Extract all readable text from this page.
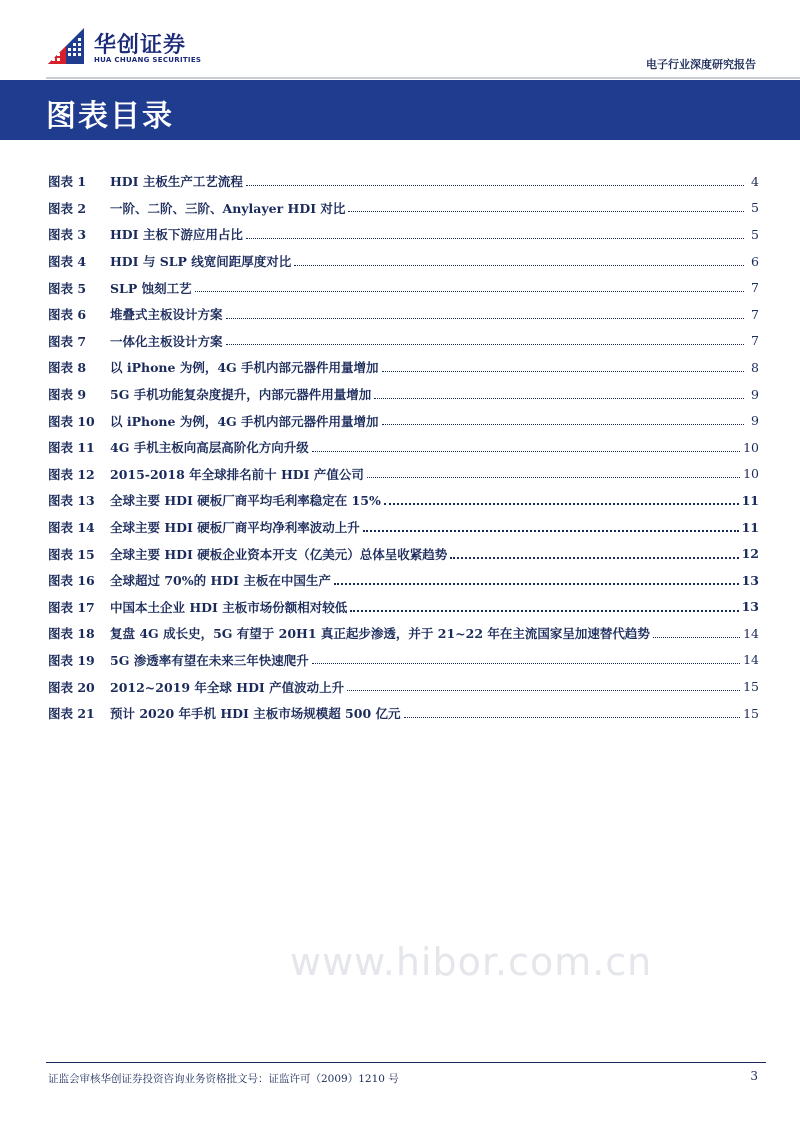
华创证券
HUA CHUANG SECURITIES	电子行业深度研究报告
图表目录
图表 1	HDI 主板生产工艺流程	4
图表 2	一阶、二阶、三阶、Anylayer HDI 对比	5
图表 3	HDI 主板下游应用占比	5
图表 4	HDI 与 SLP 线宽间距厚度对比	6
图表 5	SLP 蚀刻工艺	7
图表 6	堆叠式主板设计方案	7
图表 7	一体化主板设计方案	7
图表 8	以 iPhone 为例，4G 手机内部元器件用量增加	8
图表 9	5G 手机功能复杂度提升，内部元器件用量增加	9
图表 10	以 iPhone 为例，4G 手机内部元器件用量增加	9
图表 11	4G 手机主板向高层高阶化方向升级	10
图表 12	2015-2018 年全球排名前十 HDI 产值公司	10
图表 13	全球主要 HDI 硬板厂商平均毛利率稳定在 15%	11
图表 14	全球主要 HDI 硬板厂商平均净利率波动上升	11
图表 15	全球主要 HDI 硬板企业资本开支（亿美元）总体呈收紧趋势	12
图表 16	全球超过 70%的 HDI 主板在中国生产	13
图表 17	中国本土企业 HDI 主板市场份额相对较低	13
图表 18	复盘 4G 成长史，5G 有望于 20H1 真正起步渗透，并于 21~22 年在主流国家呈加速替代趋势	14
图表 19	5G 渗透率有望在未来三年快速爬升	14
图表 20	2012~2019 年全球 HDI 产值波动上升	15
图表 21	预计 2020 年手机 HDI 主板市场规模超 500 亿元	15
www.hibor.com.cn
证监会审核华创证券投资咨询业务资格批文号：证监许可（2009）1210 号	3
